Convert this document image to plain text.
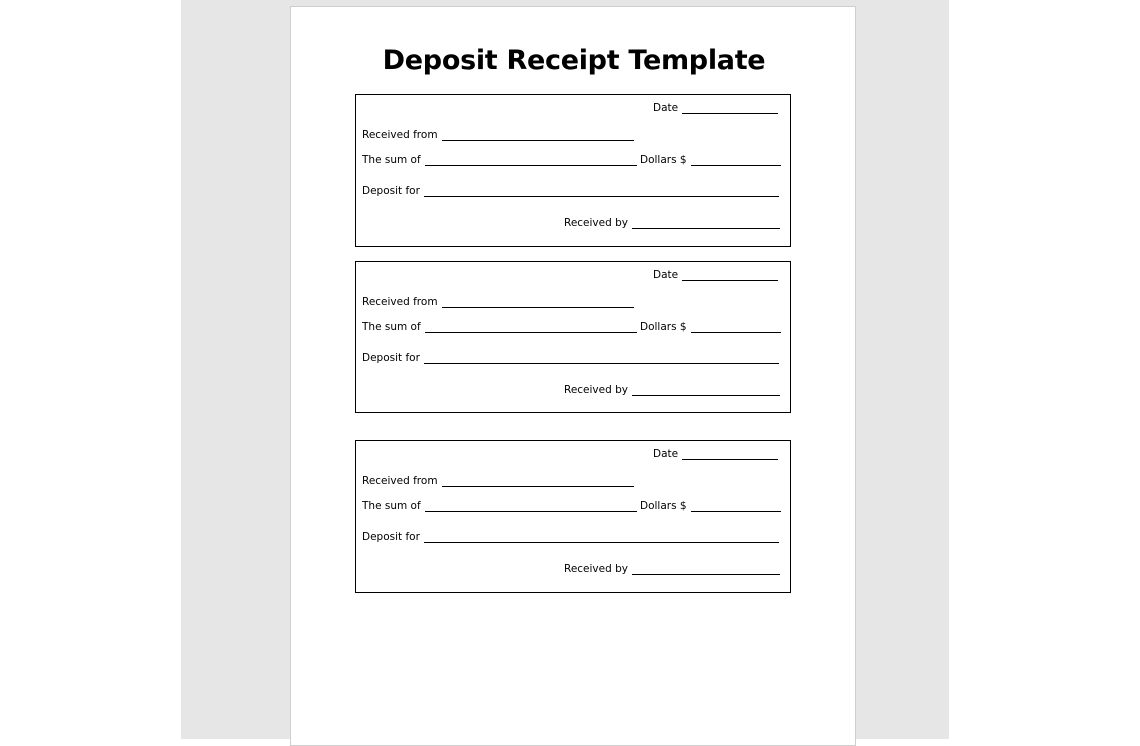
Deposit Receipt Template
Date
Received from
The sum of	Dollars $
Deposit for
Received by
Date
Received from
The sum of	Dollars $
Deposit for
Received by
Date
Received from
The sum of	Dollars $
Deposit for
Received by
